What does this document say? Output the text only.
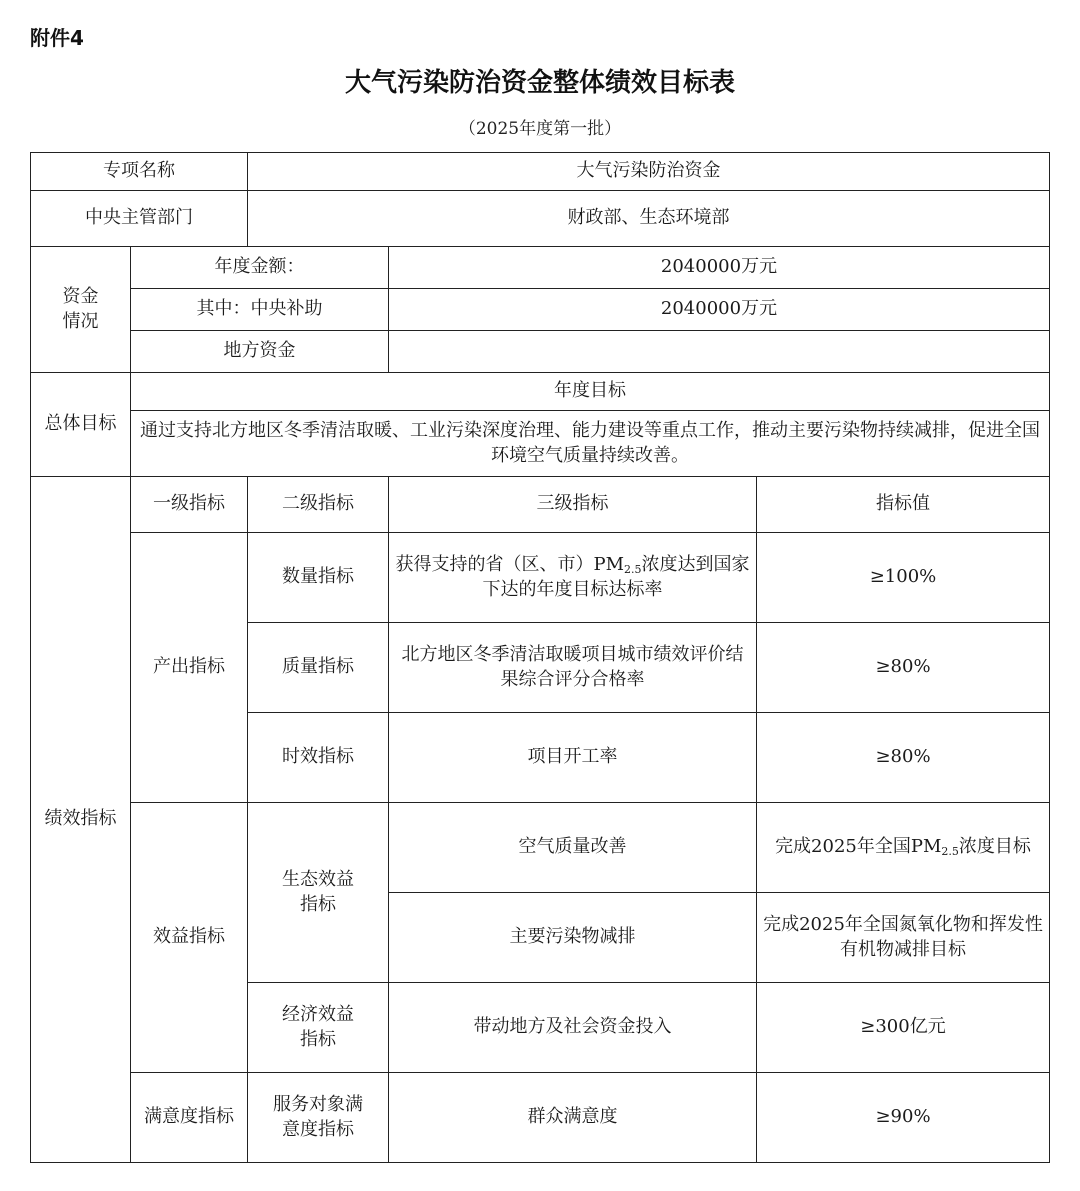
附件4
大气污染防治资金整体绩效目标表
（2025年度第一批）
专项名称		大气污染防治资金		
中央主管部门		财政部、生态环境部		
资金情况	年度金额：		2040000万元	
	其中：中央补助		2040000万元	
	地方资金			
总体目标	年度目标			
	通过支持北方地区冬季清洁取暖、工业污染深度治理、能力建设等重点工作，推动主要污染物持续减排，促进全国环境空气质量持续改善。			
绩效指标	一级指标	二级指标	三级指标	指标值
	产出指标	数量指标	获得支持的省（区、市）$PM_{2.5}$浓度达到国家下达的年度目标达标率	≥100%
		质量指标	北方地区冬季清洁取暖项目城市绩效评价结果综合评分合格率	≥80%
		时效指标	项目开工率	≥80%
	效益指标	生态效益指标	空气质量改善	完成2025年全国$PM_{2.5}$浓度目标
			主要污染物减排	完成2025年全国氮氧化物和挥发性有机物减排目标
		经济效益指标	带动地方及社会资金投入	≥300亿元
	满意度指标	服务对象满意度指标	群众满意度	≥90%
